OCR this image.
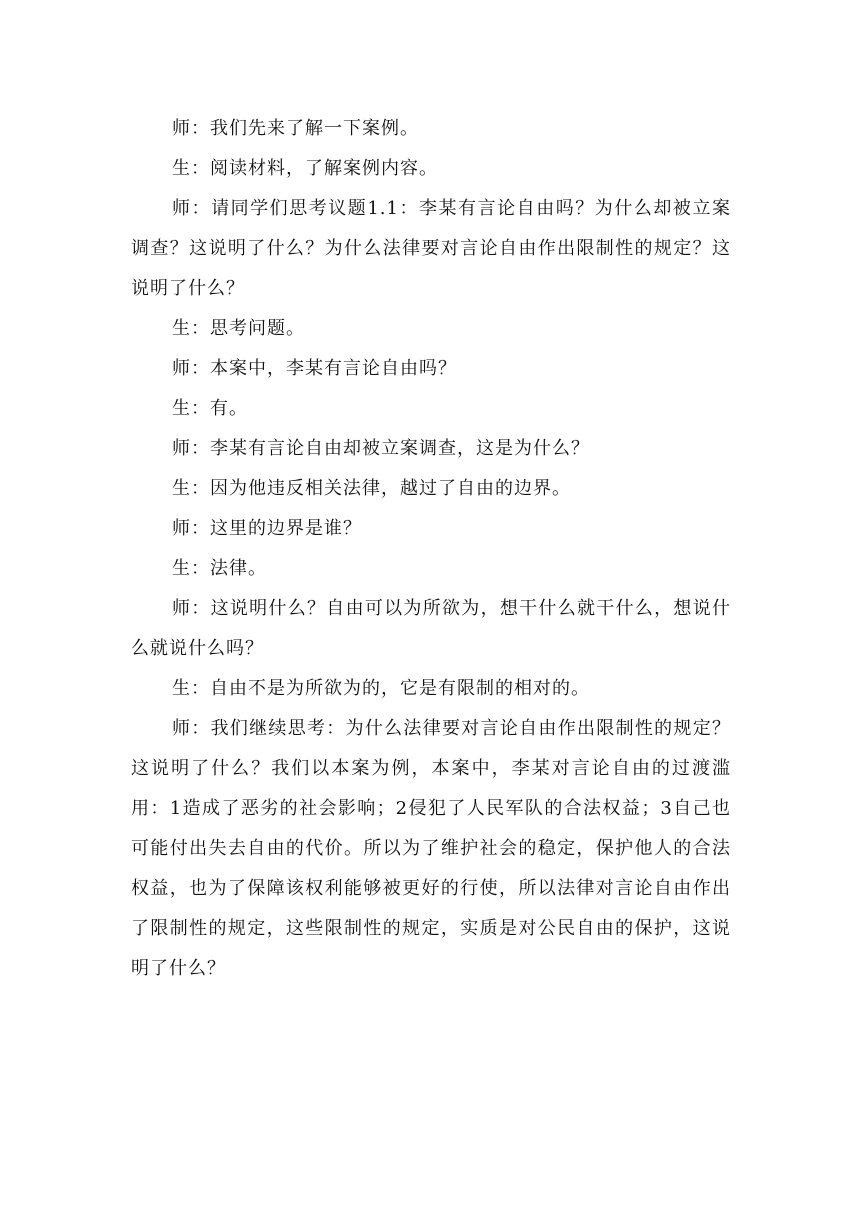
师：我们先来了解一下案例。

生：阅读材料，了解案例内容。

师：请同学们思考议题1.1：李某有言论自由吗？为什么却被立案调查？这说明了什么？为什么法律要对言论自由作出限制性的规定？这说明了什么？

生：思考问题。

师：本案中，李某有言论自由吗？

生：有。

师：李某有言论自由却被立案调查，这是为什么？

生：因为他违反相关法律，越过了自由的边界。

师：这里的边界是谁？

生：法律。

师：这说明什么？自由可以为所欲为，想干什么就干什么，想说什么就说什么吗？

生：自由不是为所欲为的，它是有限制的相对的。

师：我们继续思考：为什么法律要对言论自由作出限制性的规定？这说明了什么？我们以本案为例，本案中，李某对言论自由的过渡滥用：1造成了恶劣的社会影响；2侵犯了人民军队的合法权益；3自己也可能付出失去自由的代价。所以为了维护社会的稳定，保护他人的合法权益，也为了保障该权利能够被更好的行使，所以法律对言论自由作出了限制性的规定，这些限制性的规定，实质是对公民自由的保护，这说明了什么？
